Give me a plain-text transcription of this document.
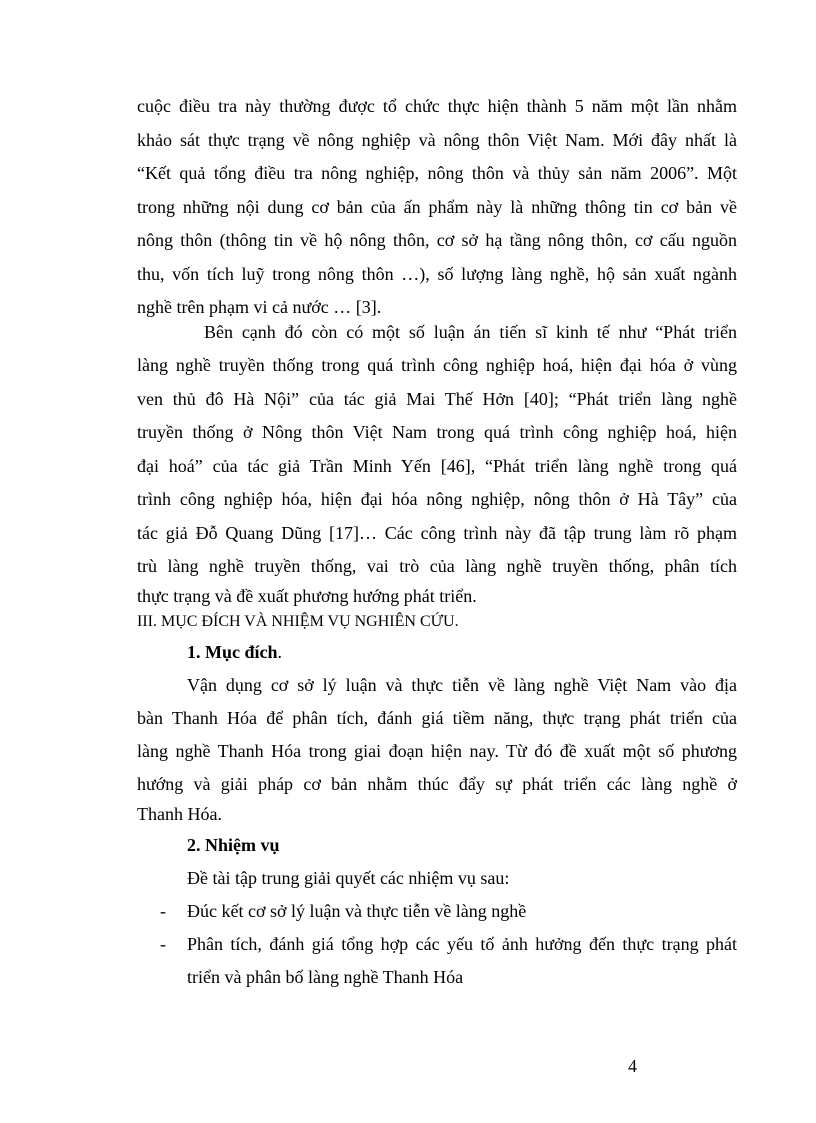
cuộc điều tra này thường được tổ chức thực hiện thành 5 năm một lần nhằm
khảo sát thực trạng về nông nghiệp và nông thôn Việt Nam. Mới đây nhất là
“Kết quả tổng điều tra nông nghiệp, nông thôn và thủy sản năm 2006”. Một
trong những nội dung cơ bản của ấn phẩm này là những thông tin cơ bản về
nông thôn (thông tin về hộ nông thôn, cơ sở hạ tầng nông thôn, cơ cấu nguồn
thu, vốn tích luỹ trong nông thôn …), số lượng làng nghề, hộ sản xuất ngành
nghề trên phạm vi cả nước … [3].
Bên cạnh đó còn có một số luận án tiến sĩ kinh tế như “Phát triển
làng nghề truyền thống trong quá trình công nghiệp hoá, hiện đại hóa ở vùng
ven thủ đô Hà Nội” của tác giả Mai Thế Hởn [40]; “Phát triển làng nghề
truyền thống ở Nông thôn Việt Nam trong quá trình công nghiệp hoá, hiện
đại hoá” của tác giả Trần Minh Yến [46], “Phát triển làng nghề trong quá
trình công nghiệp hóa, hiện đại hóa nông nghiệp, nông thôn ở Hà Tây” của
tác giả Đỗ Quang Dũng [17]… Các công trình này đã tập trung làm rõ phạm
trù làng nghề truyền thống, vai trò của làng nghề truyền thống, phân tích
thực trạng và đề xuất phương hướng phát triển.
III. MỤC ĐÍCH VÀ NHIỆM VỤ NGHIÊN CỨU.
1. Mục đích.
Vận dụng cơ sở lý luận và thực tiễn về làng nghề Việt Nam vào địa
bàn Thanh Hóa để phân tích, đánh giá tiềm năng, thực trạng phát triển của
làng nghề Thanh Hóa trong giai đoạn hiện nay. Từ đó đề xuất một số phương
hướng và giải pháp cơ bản nhằm thúc đẩy sự phát triển các làng nghề ở
Thanh Hóa.
2. Nhiệm vụ
Đề tài tập trung giải quyết các nhiệm vụ sau:
- Đúc kết cơ sở lý luận và thực tiễn về làng nghề
- Phân tích, đánh giá tổng hợp các yếu tố ảnh hưởng đến thực trạng phát
triển và phân bố làng nghề Thanh Hóa
4
